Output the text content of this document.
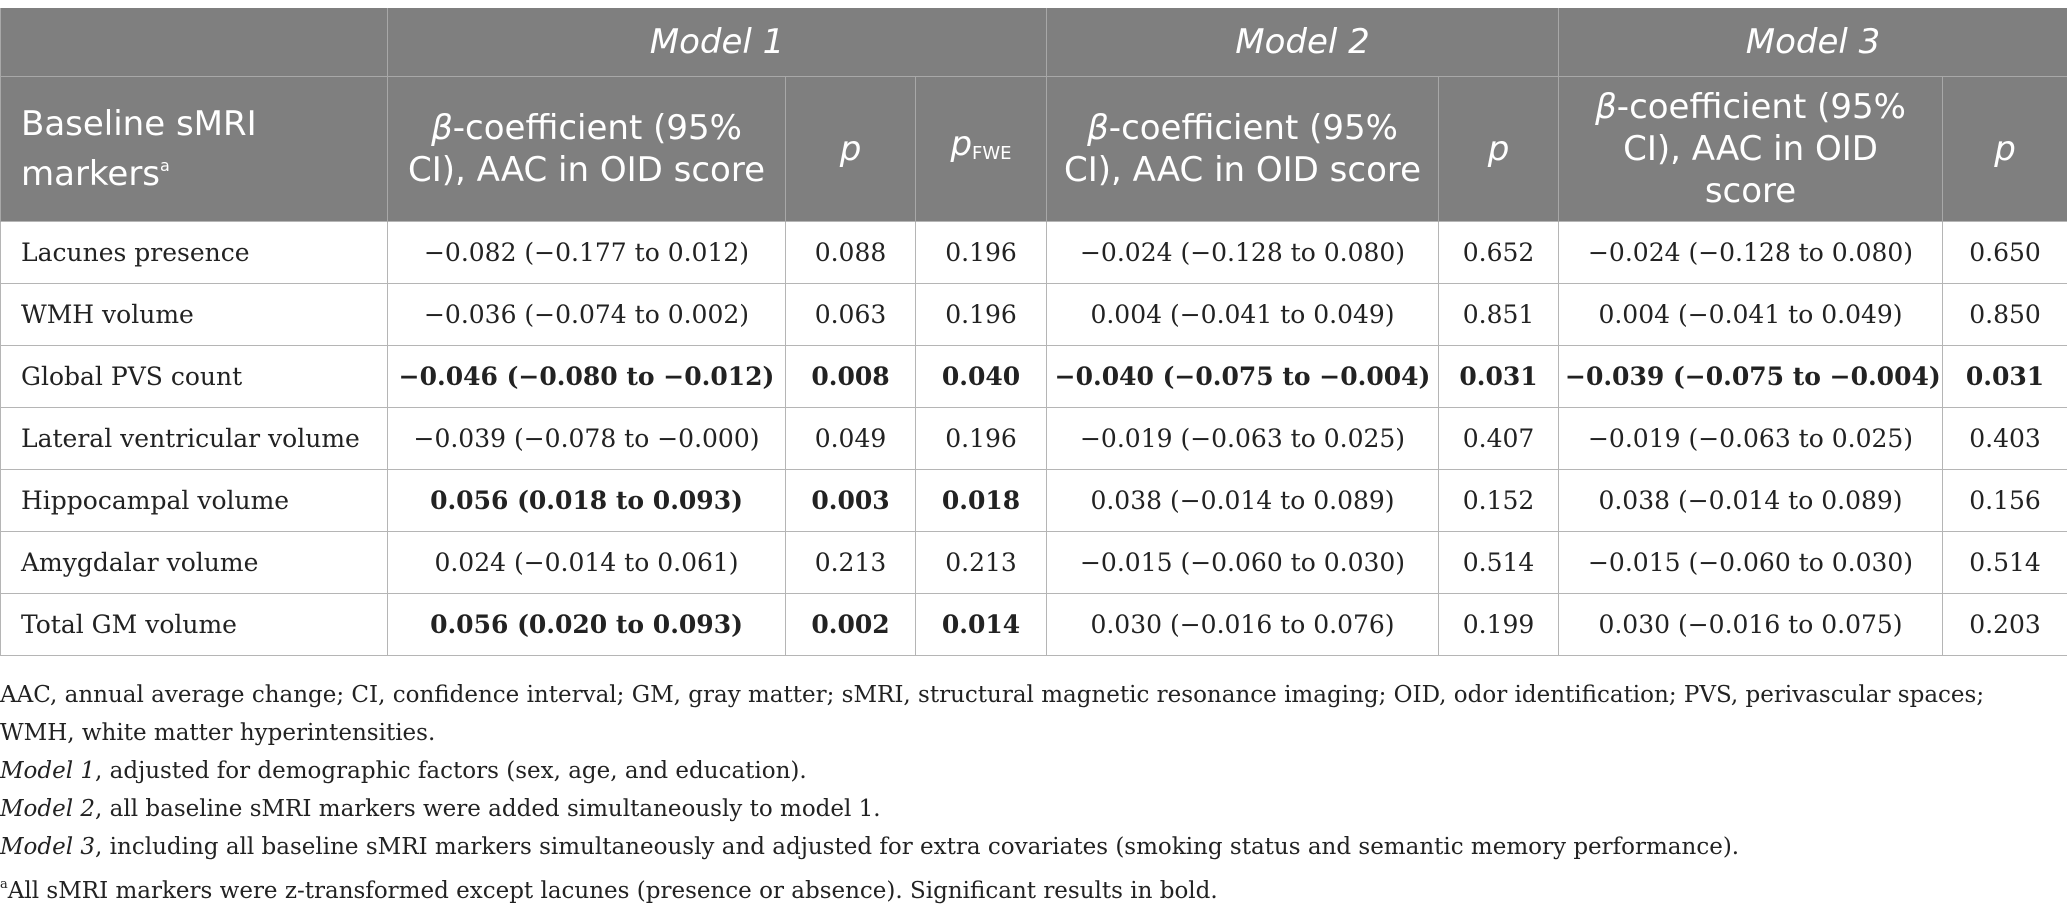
	Model 1			Model 2		Model 3	
Baseline sMRI markers$^a$	β-coefficient (95% CI), AAC in OID score	p	$p_{FWE}$	β-coefficient (95% CI), AAC in OID score	p	β-coefficient (95% CI), AAC in OID score	p
Lacunes presence	−0.082 (−0.177 to 0.012)	0.088	0.196	−0.024 (−0.128 to 0.080)	0.652	−0.024 (−0.128 to 0.080)	0.650
WMH volume	−0.036 (−0.074 to 0.002)	0.063	0.196	0.004 (−0.041 to 0.049)	0.851	0.004 (−0.041 to 0.049)	0.850
Global PVS count	−0.046 (−0.080 to −0.012)	0.008	0.040	−0.040 (−0.075 to −0.004)	0.031	−0.039 (−0.075 to −0.004)	0.031
Lateral ventricular volume	−0.039 (−0.078 to −0.000)	0.049	0.196	−0.019 (−0.063 to 0.025)	0.407	−0.019 (−0.063 to 0.025)	0.403
Hippocampal volume	0.056 (0.018 to 0.093)	0.003	0.018	0.038 (−0.014 to 0.089)	0.152	0.038 (−0.014 to 0.089)	0.156
Amygdalar volume	0.024 (−0.014 to 0.061)	0.213	0.213	−0.015 (−0.060 to 0.030)	0.514	−0.015 (−0.060 to 0.030)	0.514
Total GM volume	0.056 (0.020 to 0.093)	0.002	0.014	0.030 (−0.016 to 0.076)	0.199	0.030 (−0.016 to 0.075)	0.203

AAC, annual average change; CI, confidence interval; GM, gray matter; sMRI, structural magnetic resonance imaging; OID, odor identification; PVS, perivascular spaces; WMH, white matter hyperintensities.

Model 1, adjusted for demographic factors (sex, age, and education).

Model 2, all baseline sMRI markers were added simultaneously to model 1.

Model 3, including all baseline sMRI markers simultaneously and adjusted for extra covariates (smoking status and semantic memory performance).

$^a$All sMRI markers were z-transformed except lacunes (presence or absence). Significant results in bold.
